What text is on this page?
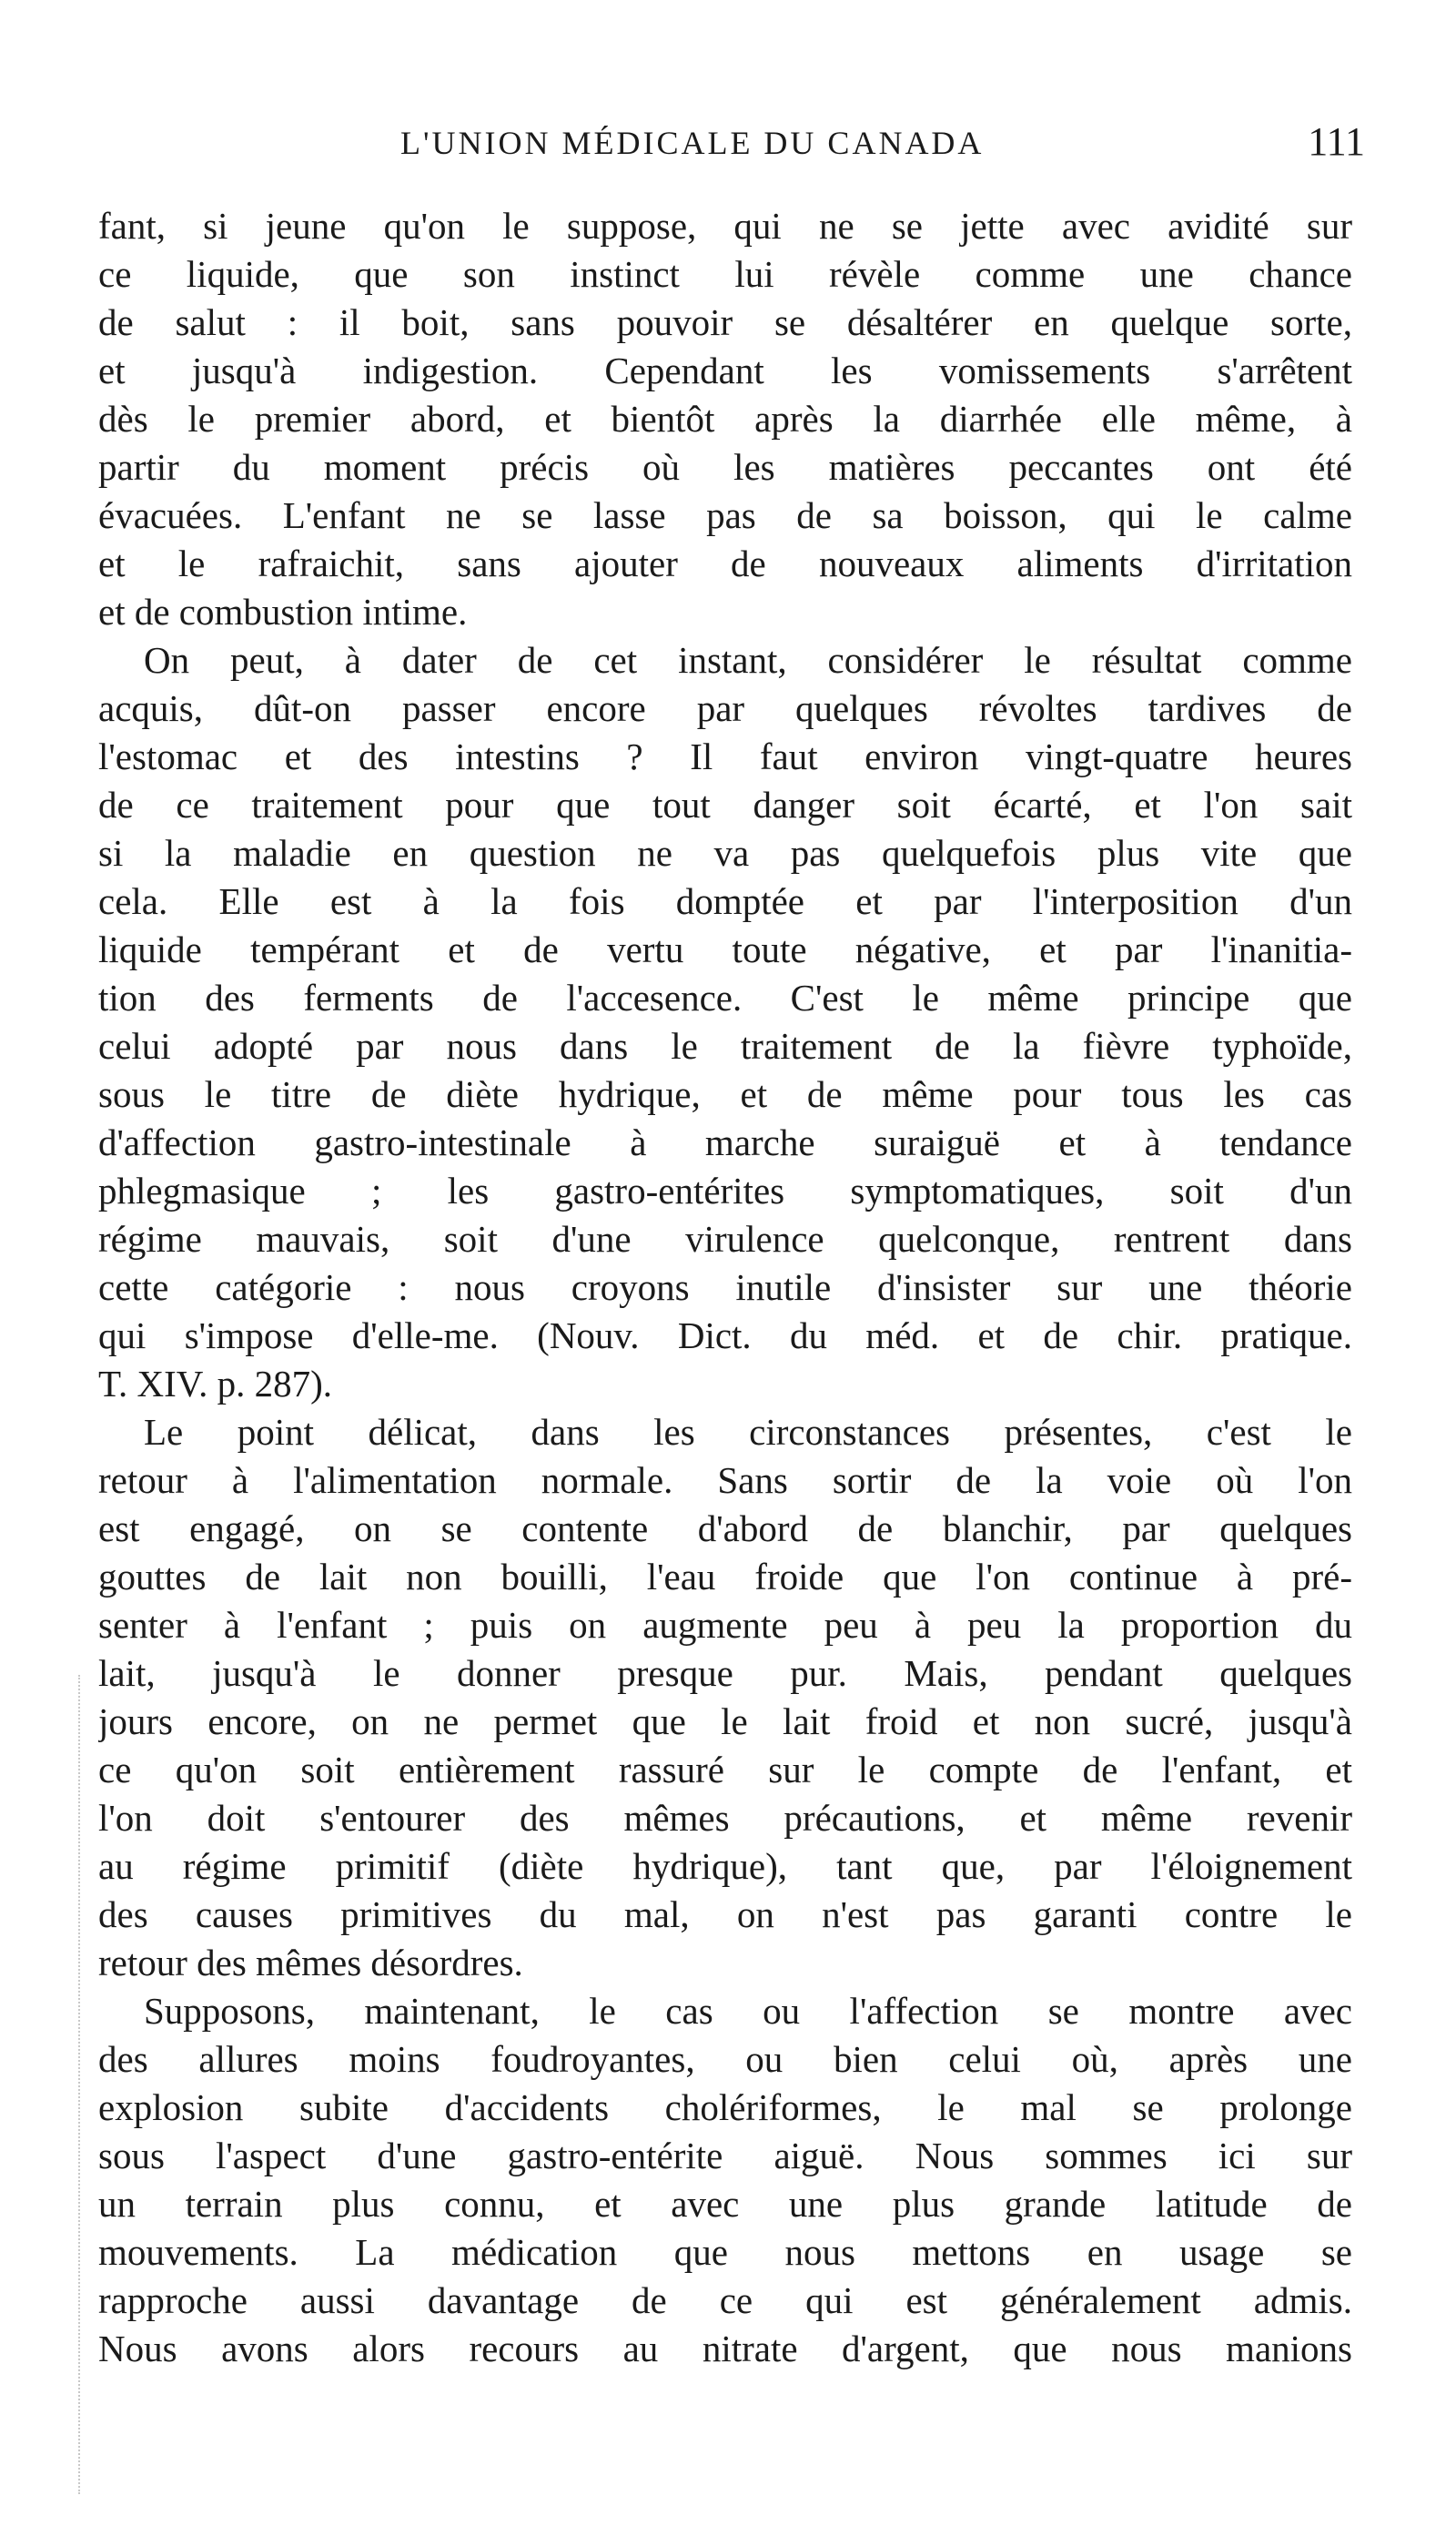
L'UNION MÉDICALE DU CANADA	111
fant, si jeune qu'on le suppose, qui ne se jette avec avidité sur
ce liquide, que son instinct lui révèle comme une chance
de salut : il boit, sans pouvoir se désaltérer en quelque sorte,
et jusqu'à indigestion. Cependant les vomissements s'arrêtent
dès le premier abord, et bientôt après la diarrhée elle même, à
partir du moment précis où les matières peccantes ont été
évacuées. L'enfant ne se lasse pas de sa boisson, qui le calme
et le rafraichit, sans ajouter de nouveaux aliments d'irritation
et de combustion intime.
On peut, à dater de cet instant, considérer le résultat comme
acquis, dût-on passer encore par quelques révoltes tardives de
l'estomac et des intestins ? Il faut environ vingt-quatre heures
de ce traitement pour que tout danger soit écarté, et l'on sait
si la maladie en question ne va pas quelquefois plus vite que
cela. Elle est à la fois domptée et par l'interposition d'un
liquide tempérant et de vertu toute négative, et par l'inanitia-
tion des ferments de l'accesence. C'est le même principe que
celui adopté par nous dans le traitement de la fièvre typhoïde,
sous le titre de diète hydrique, et de même pour tous les cas
d'affection gastro-intestinale à marche suraiguë et à tendance
phlegmasique ; les gastro-entérites symptomatiques, soit d'un
régime mauvais, soit d'une virulence quelconque, rentrent dans
cette catégorie : nous croyons inutile d'insister sur une théorie
qui s'impose d'elle-me. (Nouv. Dict. du méd. et de chir. pratique.
T. XIV. p. 287).
Le point délicat, dans les circonstances présentes, c'est le
retour à l'alimentation normale. Sans sortir de la voie où l'on
est engagé, on se contente d'abord de blanchir, par quelques
gouttes de lait non bouilli, l'eau froide que l'on continue à pré-
senter à l'enfant ; puis on augmente peu à peu la proportion du
lait, jusqu'à le donner presque pur. Mais, pendant quelques
jours encore, on ne permet que le lait froid et non sucré, jusqu'à
ce qu'on soit entièrement rassuré sur le compte de l'enfant, et
l'on doit s'entourer des mêmes précautions, et même revenir
au régime primitif (diète hydrique), tant que, par l'éloignement
des causes primitives du mal, on n'est pas garanti contre le
retour des mêmes désordres.
Supposons, maintenant, le cas ou l'affection se montre avec
des allures moins foudroyantes, ou bien celui où, après une
explosion subite d'accidents cholériformes, le mal se prolonge
sous l'aspect d'une gastro-entérite aiguë. Nous sommes ici sur
un terrain plus connu, et avec une plus grande latitude de
mouvements. La médication que nous mettons en usage se
rapproche aussi davantage de ce qui est généralement admis.
Nous avons alors recours au nitrate d'argent, que nous manions
